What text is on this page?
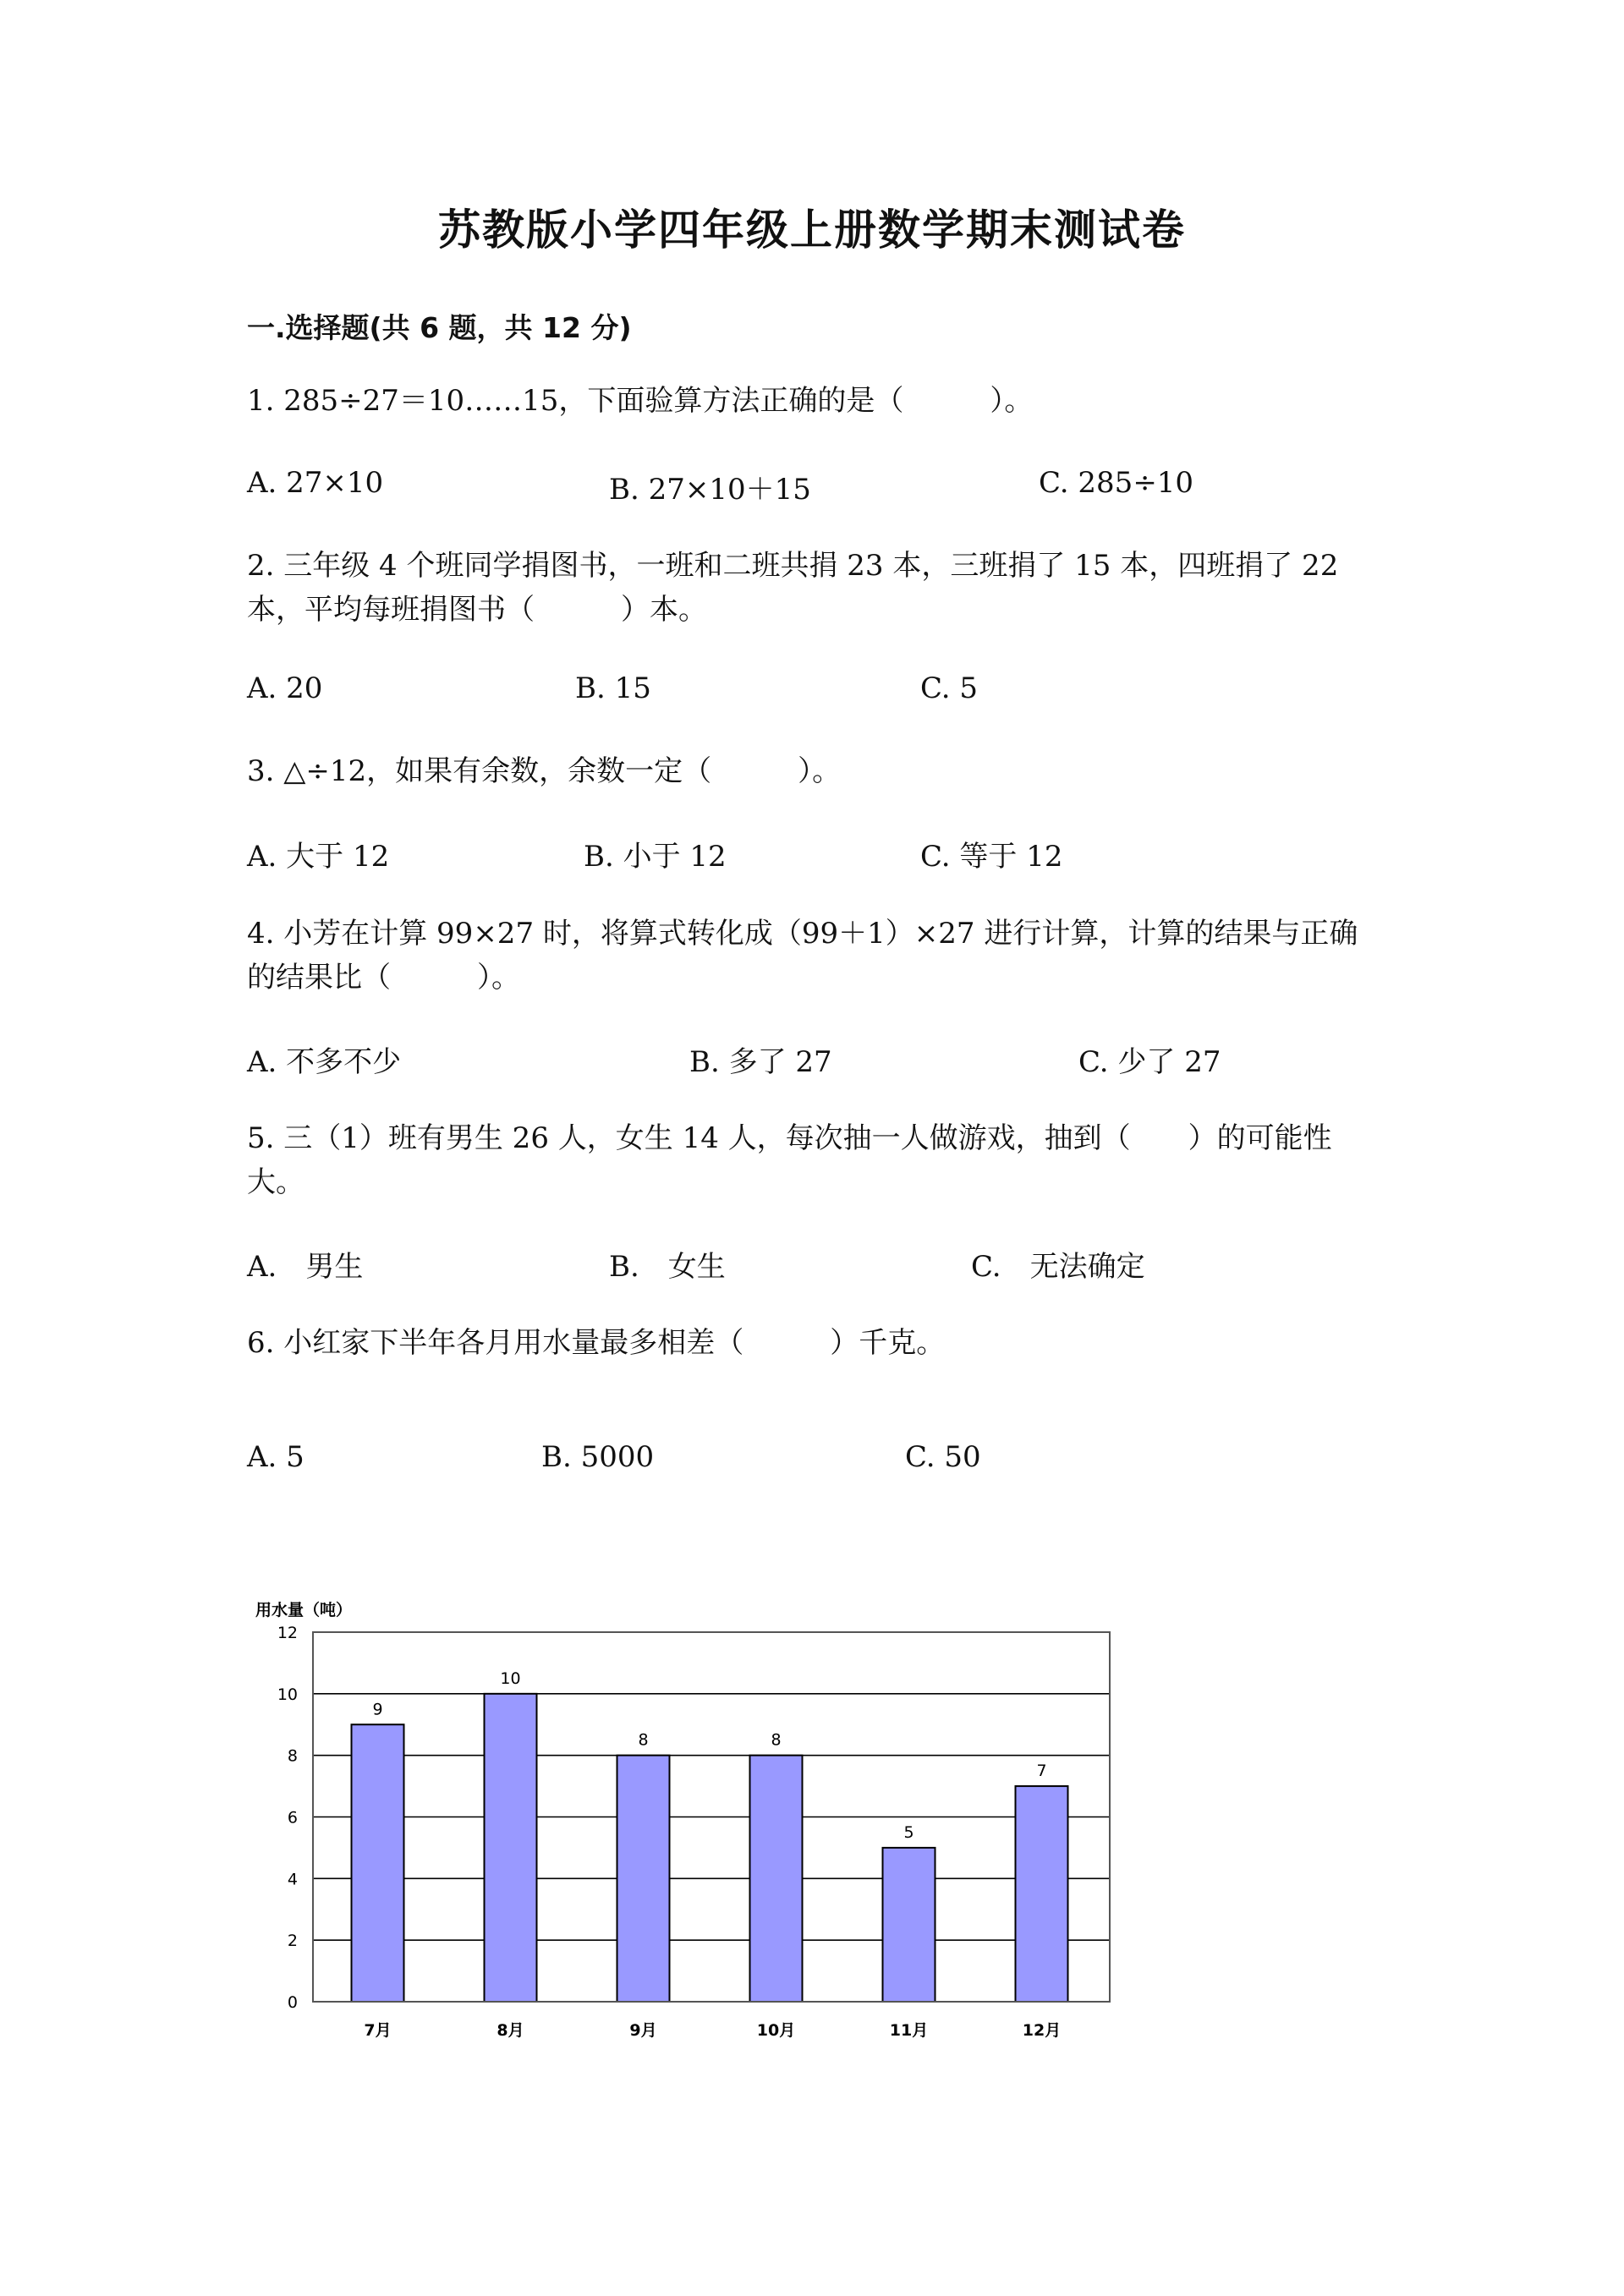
苏教版小学四年级上册数学期末测试卷
一.选择题(共 6 题，共 12 分)
1. 285÷27＝10……15，下面验算方法正确的是（　　　）。
A. 27×10	B. 27×10＋15	C. 285÷10
2. 三年级 4 个班同学捐图书，一班和二班共捐 23 本，三班捐了 15 本，四班捐了 22 本，平均每班捐图书（　　　）本。
A. 20	B. 15	C. 5
3. △÷12，如果有余数，余数一定（　　　）。
A. 大于 12	B. 小于 12	C. 等于 12
4. 小芳在计算 99×27 时，将算式转化成（99＋1）×27 进行计算，计算的结果与正确的结果比（　　　）。
A. 不多不少	B. 多了 27	C. 少了 27
5. 三（1）班有男生 26 人，女生 14 人，每次抽一人做游戏，抽到（　　）的可能性大。
A.　男生	B.　女生	C.　无法确定
6. 小红家下半年各月用水量最多相差（　　　）千克。
A. 5	B. 5000	C. 50
用水量（吨）
0
2
4
6
8
10
12
9
7月
10
8月
8
9月
8
10月
5
11月
7
12月
